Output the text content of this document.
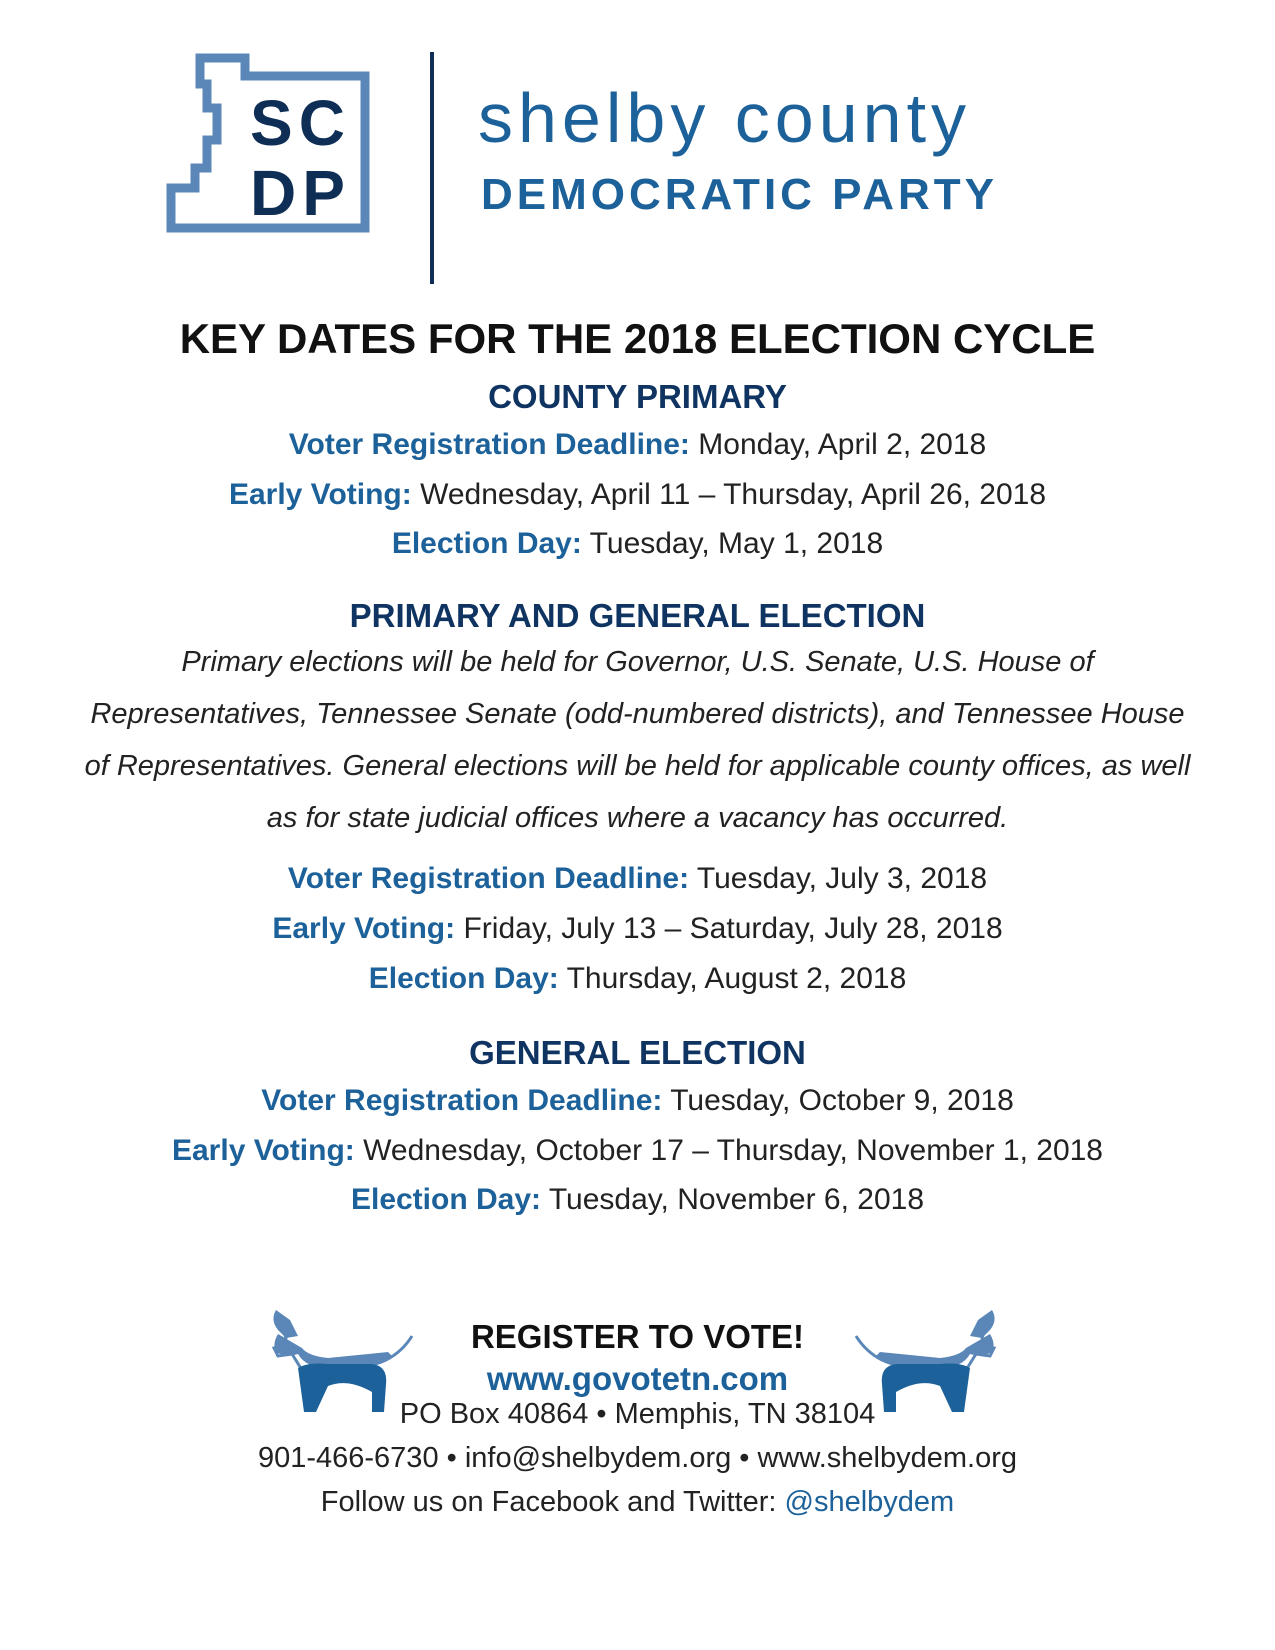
SC
DP
shelby county
DEMOCRATIC PARTY
KEY DATES FOR THE 2018 ELECTION CYCLE
COUNTY PRIMARY
Voter Registration Deadline: Monday, April 2, 2018
Early Voting: Wednesday, April 11 – Thursday, April 26, 2018
Election Day: Tuesday, May 1, 2018
PRIMARY AND GENERAL ELECTION
Primary elections will be held for Governor, U.S. Senate, U.S. House of Representatives, Tennessee Senate (odd-numbered districts), and Tennessee House of Representatives. General elections will be held for applicable county offices, as well as for state judicial offices where a vacancy has occurred.
Voter Registration Deadline: Tuesday, July 3, 2018
Early Voting: Friday, July 13 – Saturday, July 28, 2018
Election Day: Thursday, August 2, 2018
GENERAL ELECTION
Voter Registration Deadline: Tuesday, October 9, 2018
Early Voting: Wednesday, October 17 – Thursday, November 1, 2018
Election Day: Tuesday, November 6, 2018
REGISTER TO VOTE!
www.govotetn.com
PO Box 40864 • Memphis, TN 38104
901-466-6730 • info@shelbydem.org • www.shelbydem.org
Follow us on Facebook and Twitter: @shelbydem
